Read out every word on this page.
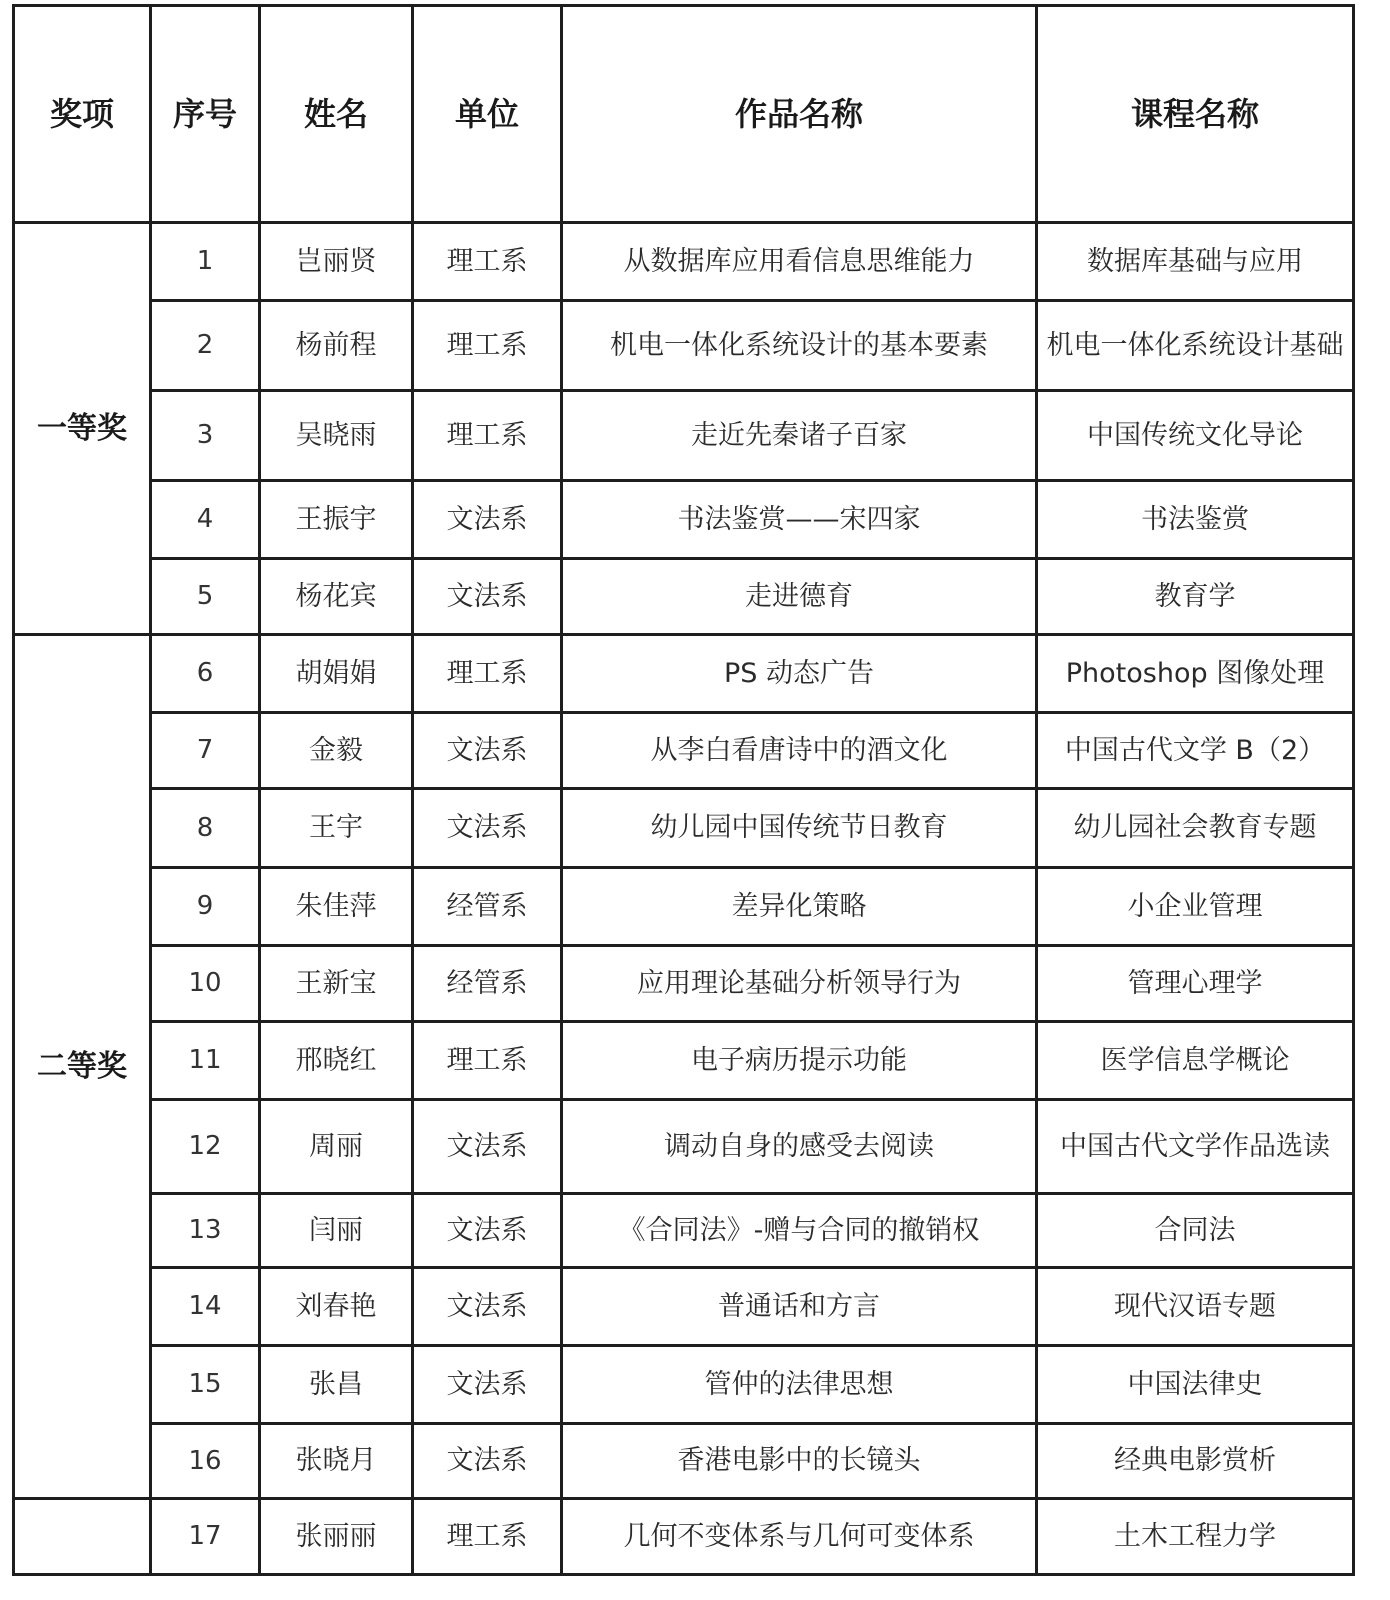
奖项	序号	姓名	单位	作品名称	课程名称
一等奖	1	岂丽贤	理工系	从数据库应用看信息思维能力	数据库基础与应用
	2	杨前程	理工系	机电一体化系统设计的基本要素	机电一体化系统设计基础
	3	吴晓雨	理工系	走近先秦诸子百家	中国传统文化导论
	4	王振宇	文法系	书法鉴赏——宋四家	书法鉴赏
	5	杨花宾	文法系	走进德育	教育学
二等奖	6	胡娟娟	理工系	PS 动态广告	Photoshop 图像处理
	7	金毅	文法系	从李白看唐诗中的酒文化	中国古代文学 B（2）
	8	王宇	文法系	幼儿园中国传统节日教育	幼儿园社会教育专题
	9	朱佳萍	经管系	差异化策略	小企业管理
	10	王新宝	经管系	应用理论基础分析领导行为	管理心理学
	11	邢晓红	理工系	电子病历提示功能	医学信息学概论
	12	周丽	文法系	调动自身的感受去阅读	中国古代文学作品选读
	13	闫丽	文法系	《合同法》-赠与合同的撤销权	合同法
	14	刘春艳	文法系	普通话和方言	现代汉语专题
	15	张昌	文法系	管仲的法律思想	中国法律史
	16	张晓月	文法系	香港电影中的长镜头	经典电影赏析
	17	张丽丽	理工系	几何不变体系与几何可变体系	土木工程力学
